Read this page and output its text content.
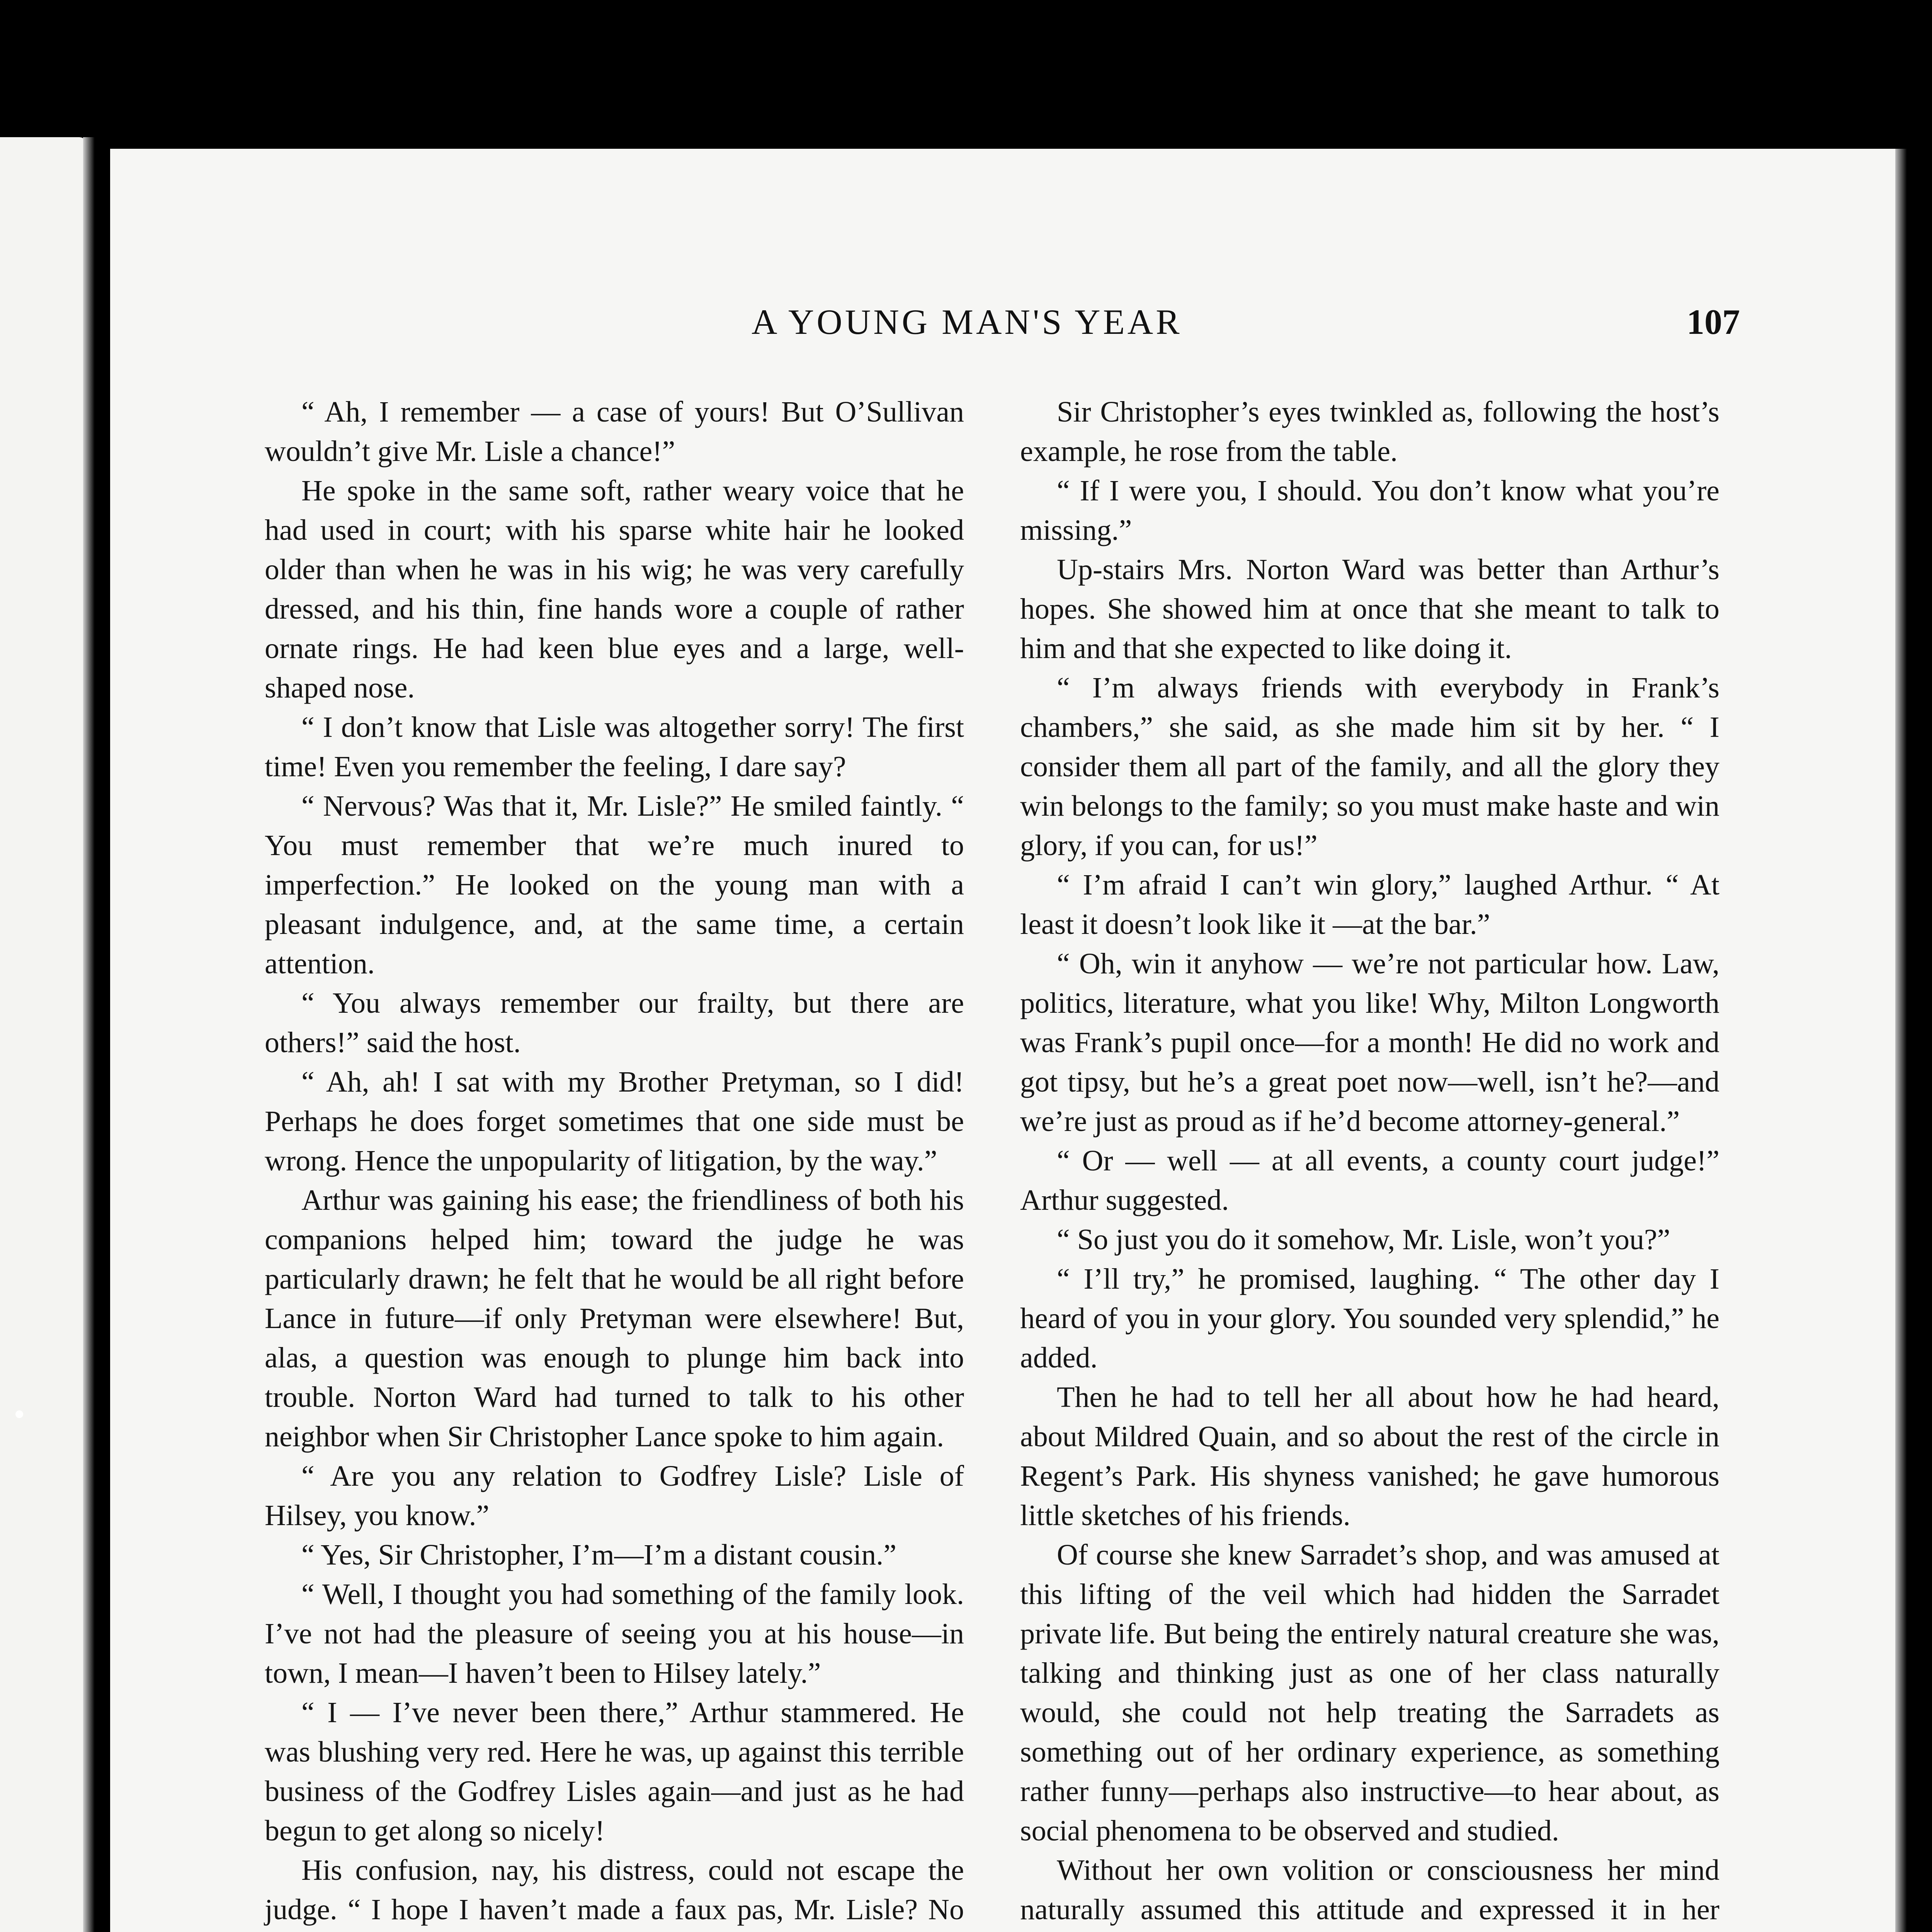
A YOUNG MAN'S YEAR	107

“ Ah, I remember — a case of yours! But O’Sullivan wouldn’t give Mr. Lisle a chance!”

He spoke in the same soft, rather weary voice that he had used in court; with his sparse white hair he looked older than when he was in his wig; he was very carefully dressed, and his thin, fine hands wore a couple of rather ornate rings. He had keen blue eyes and a large, well-shaped nose.

“ I don’t know that Lisle was altogether sorry! The first time! Even you remember the feeling, I dare say?

“ Nervous? Was that it, Mr. Lisle?” He smiled faintly. “ You must remember that we’re much inured to imperfection.” He looked on the young man with a pleasant indulgence, and, at the same time, a certain attention.

“ You always remember our frailty, but there are others!” said the host.

“ Ah, ah! I sat with my Brother Pretyman, so I did! Perhaps he does forget sometimes that one side must be wrong. Hence the unpopularity of litigation, by the way.”

Arthur was gaining his ease; the friendliness of both his companions helped him; toward the judge he was particularly drawn; he felt that he would be all right before Lance in future—if only Pretyman were elsewhere! But, alas, a question was enough to plunge him back into trouble. Norton Ward had turned to talk to his other neighbor when Sir Christopher Lance spoke to him again.

“ Are you any relation to Godfrey Lisle? Lisle of Hilsey, you know.”

“ Yes, Sir Christopher, I’m—I’m a distant cousin.”

“ Well, I thought you had something of the family look. I’ve not had the pleasure of seeing you at his house—in town, I mean—I haven’t been to Hilsey lately.”

“ I — I’ve never been there,” Arthur stammered. He was blushing very red. Here he was, up against this terrible business of the Godfrey Lisles again—and just as he had begun to get along so nicely!

His confusion, nay, his distress, could not escape the judge. “ I hope I haven’t made a faux pas, Mr. Lisle? No

Sir Christopher’s eyes twinkled as, following the host’s example, he rose from the table.

“ If I were you, I should. You don’t know what you’re missing.”

Up-stairs Mrs. Norton Ward was better than Arthur’s hopes. She showed him at once that she meant to talk to him and that she expected to like doing it.

“ I’m always friends with everybody in Frank’s chambers,” she said, as she made him sit by her. “ I consider them all part of the family, and all the glory they win belongs to the family; so you must make haste and win glory, if you can, for us!”

“ I’m afraid I can’t win glory,” laughed Arthur. “ At least it doesn’t look like it —at the bar.”

“ Oh, win it anyhow — we’re not particular how. Law, politics, literature, what you like! Why, Milton Longworth was Frank’s pupil once—for a month! He did no work and got tipsy, but he’s a great poet now—well, isn’t he?—and we’re just as proud as if he’d become attorney-general.”

“ Or — well — at all events, a county court judge!” Arthur suggested.

“ So just you do it somehow, Mr. Lisle, won’t you?”

“ I’ll try,” he promised, laughing. “ The other day I heard of you in your glory. You sounded very splendid,” he added.

Then he had to tell her all about how he had heard, about Mildred Quain, and so about the rest of the circle in Regent’s Park. His shyness vanished; he gave humorous little sketches of his friends.

Of course she knew Sarradet’s shop, and was amused at this lifting of the veil which had hidden the Sarradet private life. But being the entirely natural creature she was, talking and thinking just as one of her class naturally would, she could not help treating the Sarradets as something out of her ordinary experience, as something rather funny—perhaps also instructive—to hear about, as social phenomena to be observed and studied.

Without her own volition or consciousness her mind naturally assumed this attitude and expressed it in her
